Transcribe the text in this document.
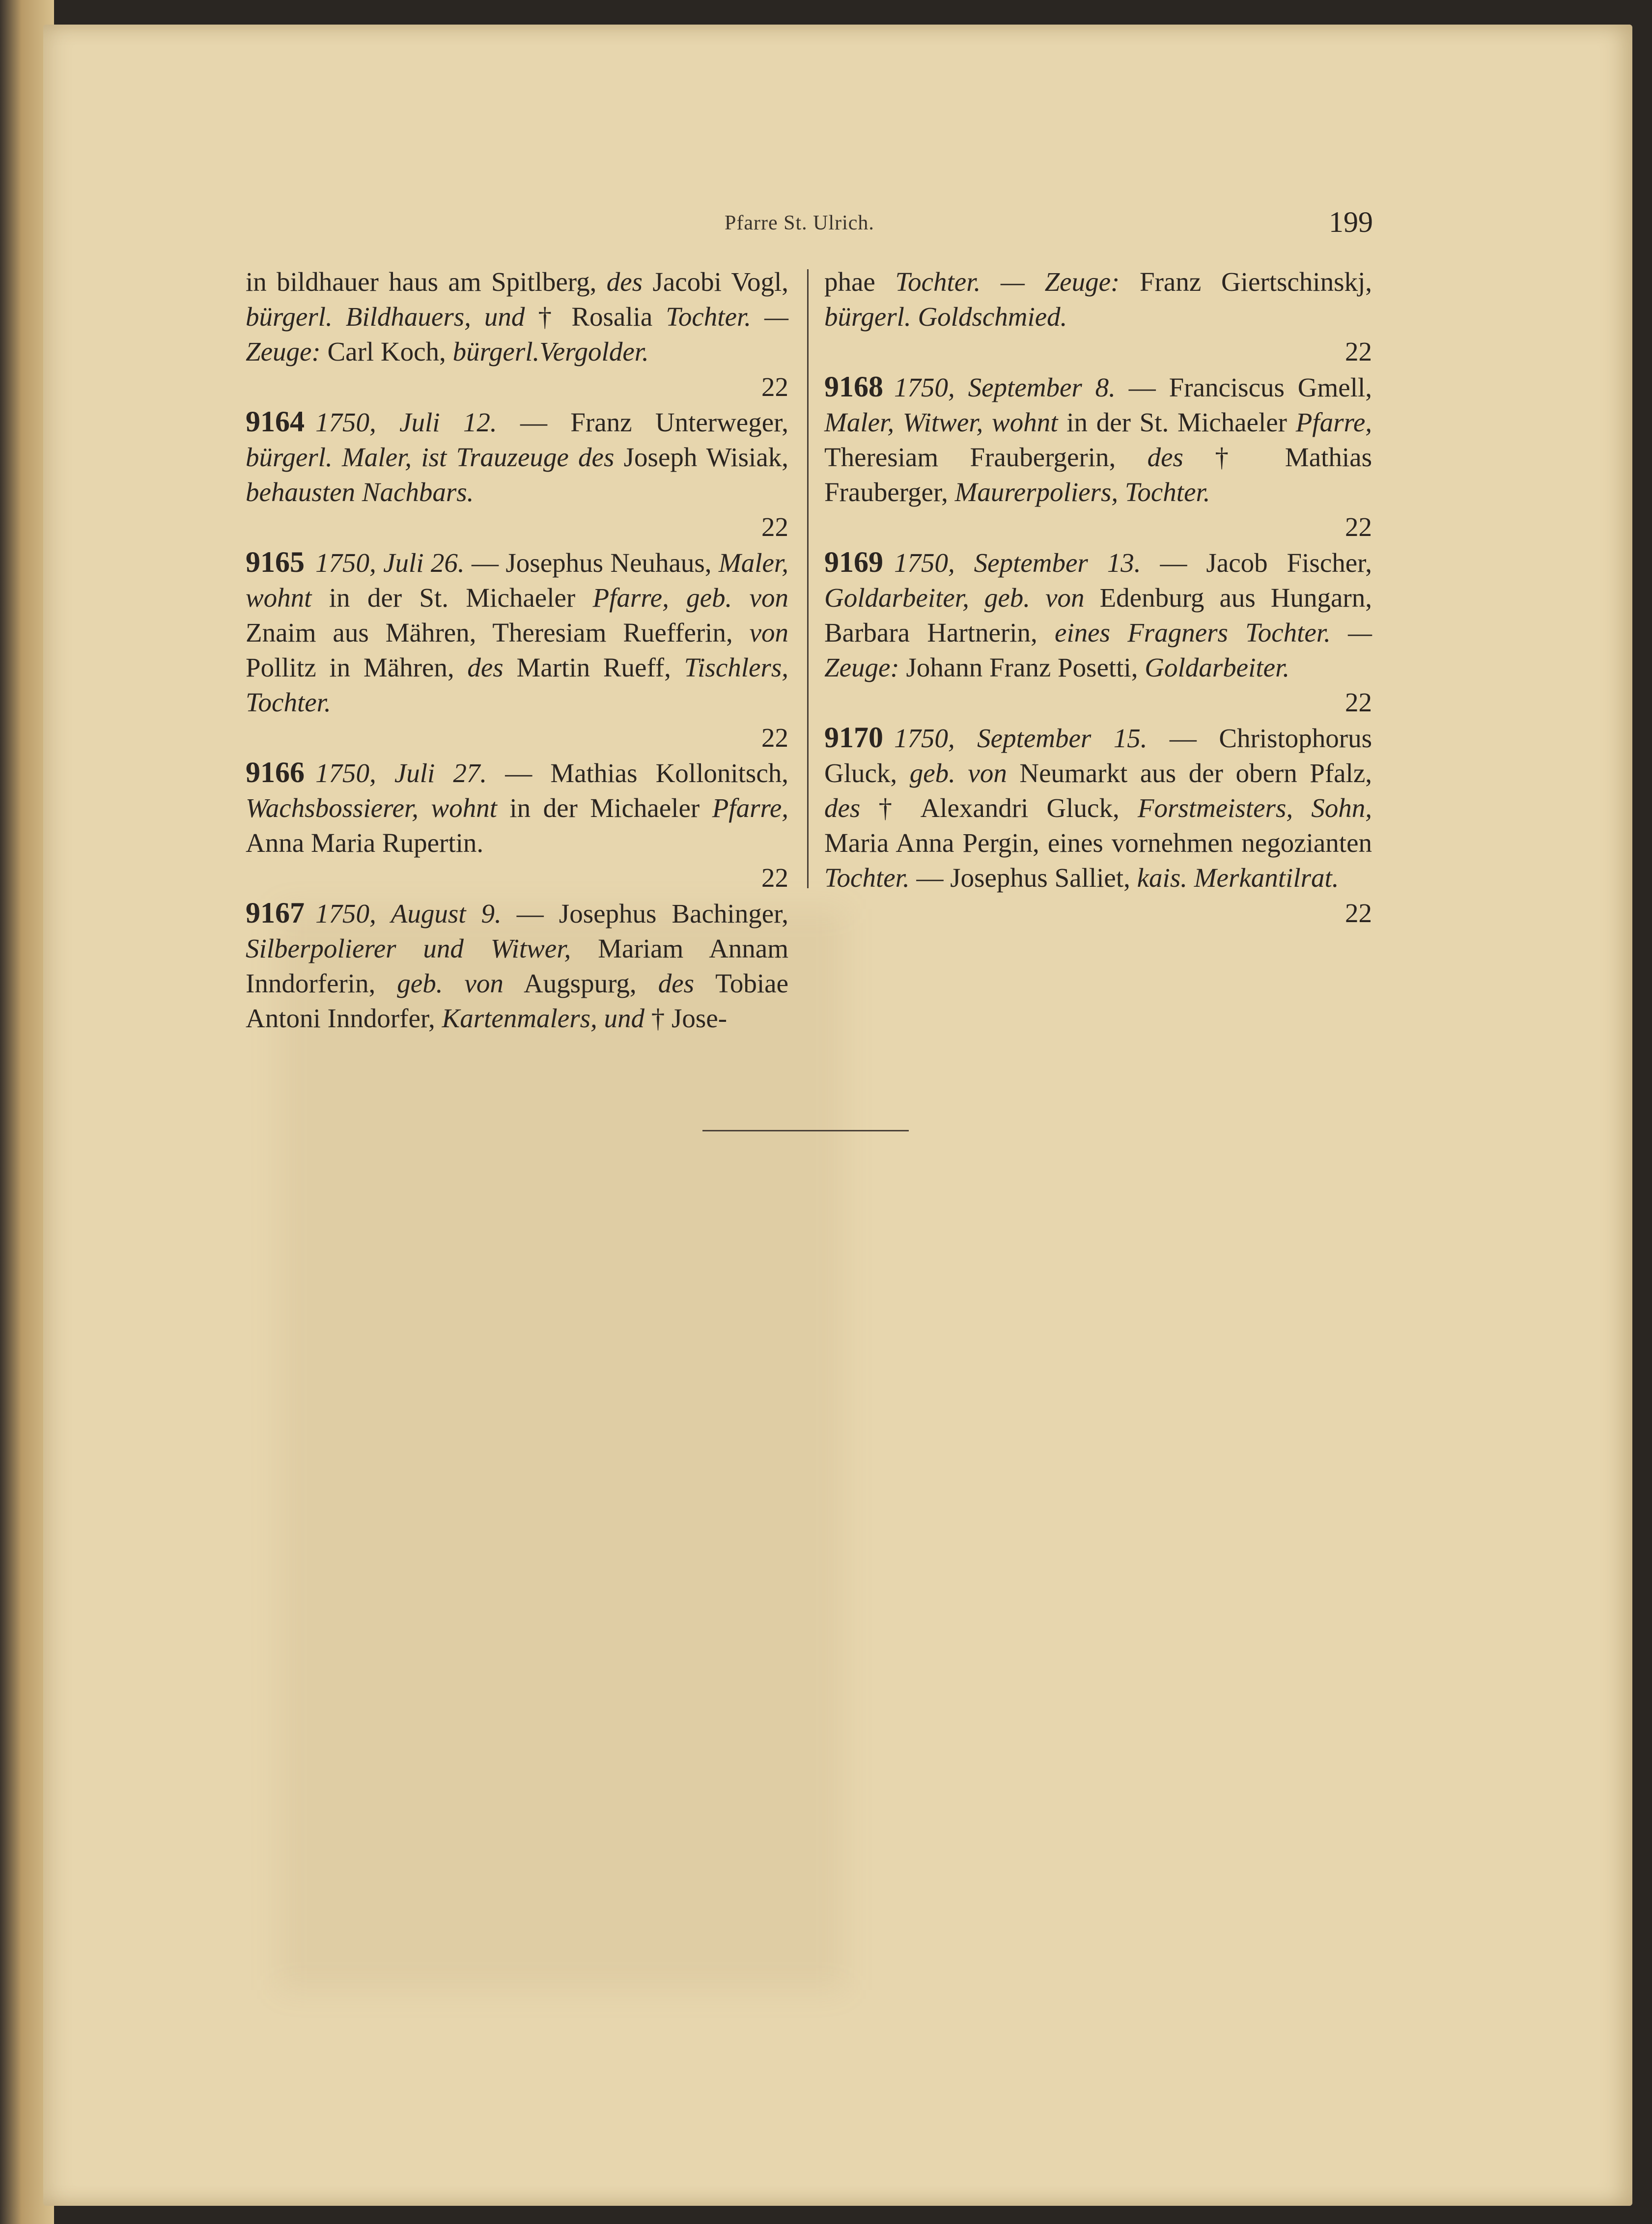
Pfarre St. Ulrich.	199
in bildhauer haus am Spitlberg, des Jacobi Vogl, bürgerl. Bildhauers, und † Rosalia Tochter. — Zeuge: Carl Koch, bürgerl.Vergolder.
22
9164 1750, Juli 12. — Franz Unterweger, bürgerl. Maler, ist Trauzeuge des Joseph Wisiak, behausten Nachbars.
22
9165 1750, Juli 26. — Josephus Neuhaus, Maler, wohnt in der St. Michaeler Pfarre, geb. von Znaim aus Mähren, Theresiam Ruefferin, von Pollitz in Mähren, des Martin Rueff, Tischlers, Tochter.
22
9166 1750, Juli 27. — Mathias Kollonitsch, Wachsbossierer, wohnt in der Michaeler Pfarre, Anna Maria Rupertin.
22
9167 1750, August 9. — Josephus Bachinger, Silberpolierer und Witwer, Mariam Annam Inndorferin, geb. von Augspurg, des Tobiae Antoni Inndorfer, Kartenmalers, und † Jose-
phae Tochter. — Zeuge: Franz Giertschinskj, bürgerl. Goldschmied.
22
9168 1750, September 8. — Franciscus Gmell, Maler, Witwer, wohnt in der St. Michaeler Pfarre, Theresiam Fraubergerin, des † Mathias Frauberger, Maurerpoliers, Tochter.
22
9169 1750, September 13. — Jacob Fischer, Goldarbeiter, geb. von Edenburg aus Hungarn, Barbara Hartnerin, eines Fragners Tochter. — Zeuge: Johann Franz Posetti, Goldarbeiter.
22
9170 1750, September 15. — Christophorus Gluck, geb. von Neumarkt aus der obern Pfalz, des † Alexandri Gluck, Forstmeisters, Sohn, Maria Anna Pergin, eines vornehmen negozianten Tochter. — Josephus Salliet, kais. Merkantilrat.
22
